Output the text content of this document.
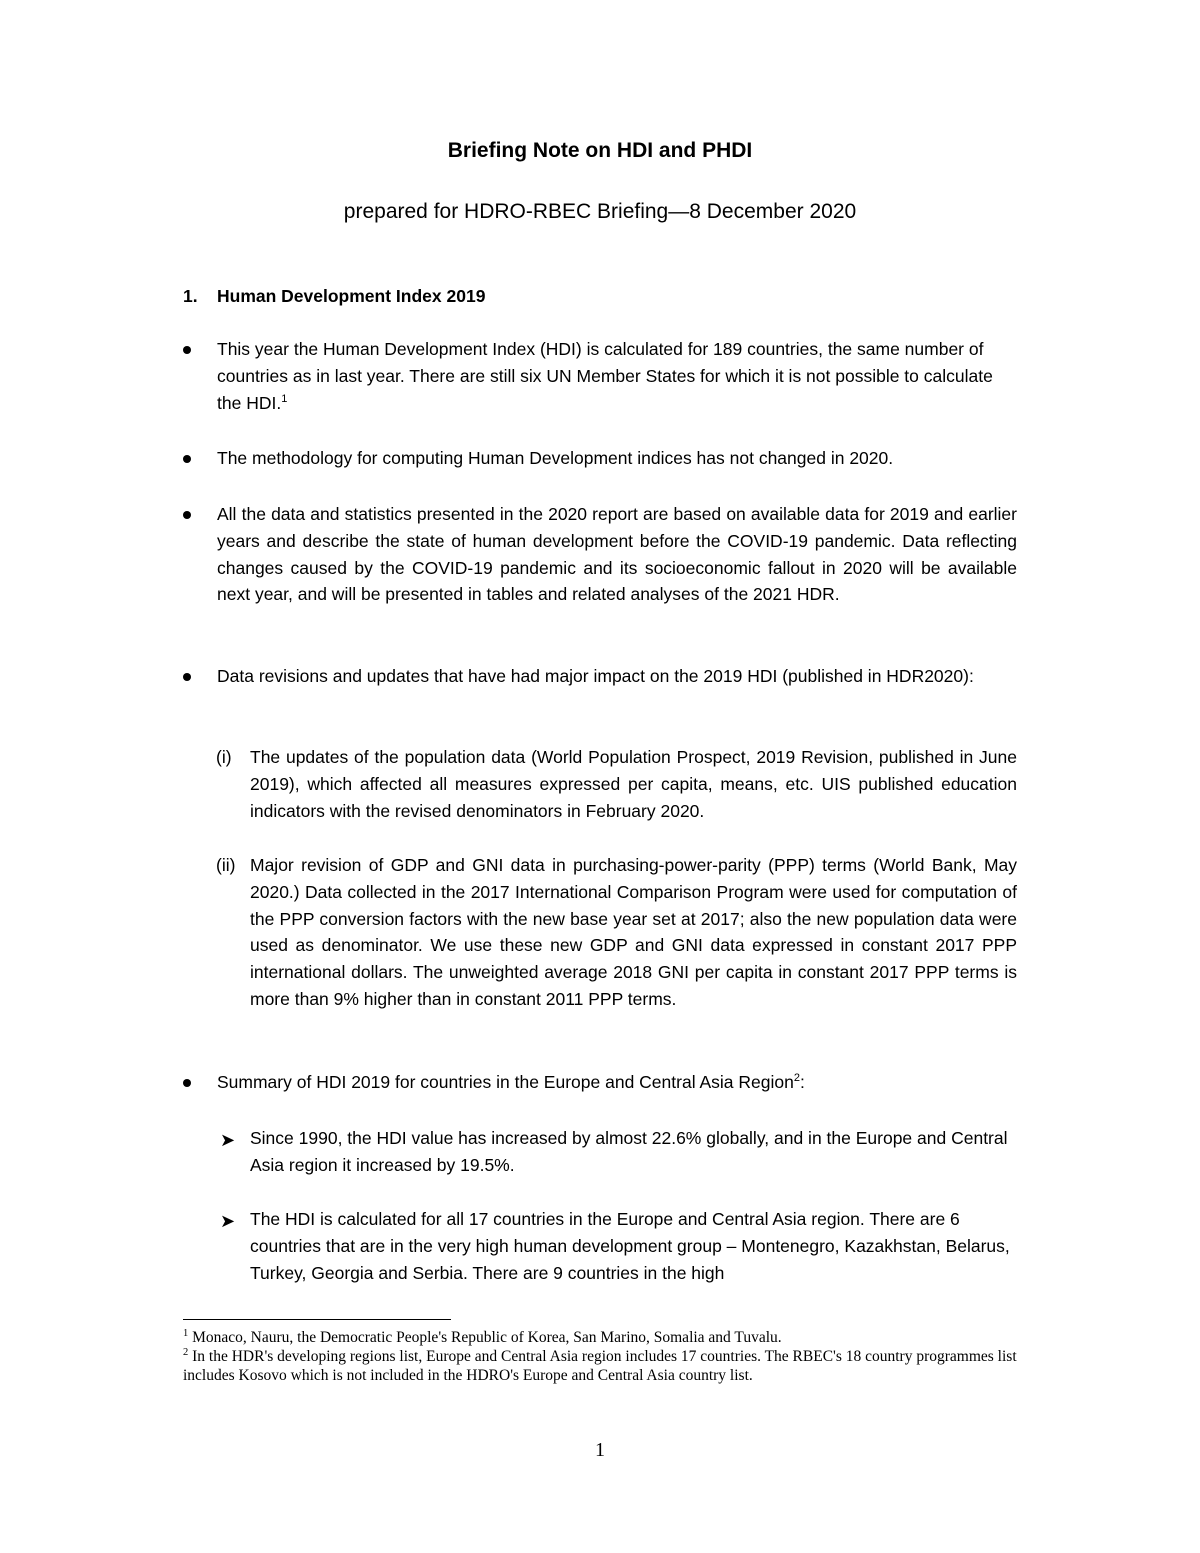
Briefing Note on HDI and PHDI
prepared for HDRO-RBEC Briefing—8 December 2020
1. Human Development Index 2019
This year the Human Development Index (HDI) is calculated for 189 countries, the same number of countries as in last year. There are still six UN Member States for which it is not possible to calculate the HDI.$^1$
The methodology for computing Human Development indices has not changed in 2020.
All the data and statistics presented in the 2020 report are based on available data for 2019 and earlier years and describe the state of human development before the COVID-19 pandemic. Data reflecting changes caused by the COVID-19 pandemic and its socioeconomic fallout in 2020 will be available next year, and will be presented in tables and related analyses of the 2021 HDR.
Data revisions and updates that have had major impact on the 2019 HDI (published in HDR2020):
(i) The updates of the population data (World Population Prospect, 2019 Revision, published in June 2019), which affected all measures expressed per capita, means, etc. UIS published education indicators with the revised denominators in February 2020.
(ii) Major revision of GDP and GNI data in purchasing-power-parity (PPP) terms (World Bank, May 2020.) Data collected in the 2017 International Comparison Program were used for computation of the PPP conversion factors with the new base year set at 2017; also the new population data were used as denominator. We use these new GDP and GNI data expressed in constant 2017 PPP international dollars. The unweighted average 2018 GNI per capita in constant 2017 PPP terms is more than 9% higher than in constant 2011 PPP terms.
Summary of HDI 2019 for countries in the Europe and Central Asia Region$^2$:
➤ Since 1990, the HDI value has increased by almost 22.6% globally, and in the Europe and Central Asia region it increased by 19.5%.
➤ The HDI is calculated for all 17 countries in the Europe and Central Asia region. There are 6 countries that are in the very high human development group – Montenegro, Kazakhstan, Belarus, Turkey, Georgia and Serbia. There are 9 countries in the high

$^1$ Monaco, Nauru, the Democratic People's Republic of Korea, San Marino, Somalia and Tuvalu.

$^2$ In the HDR's developing regions list, Europe and Central Asia region includes 17 countries. The RBEC's 18 country programmes list includes Kosovo which is not included in the HDRO's Europe and Central Asia country list.

1
